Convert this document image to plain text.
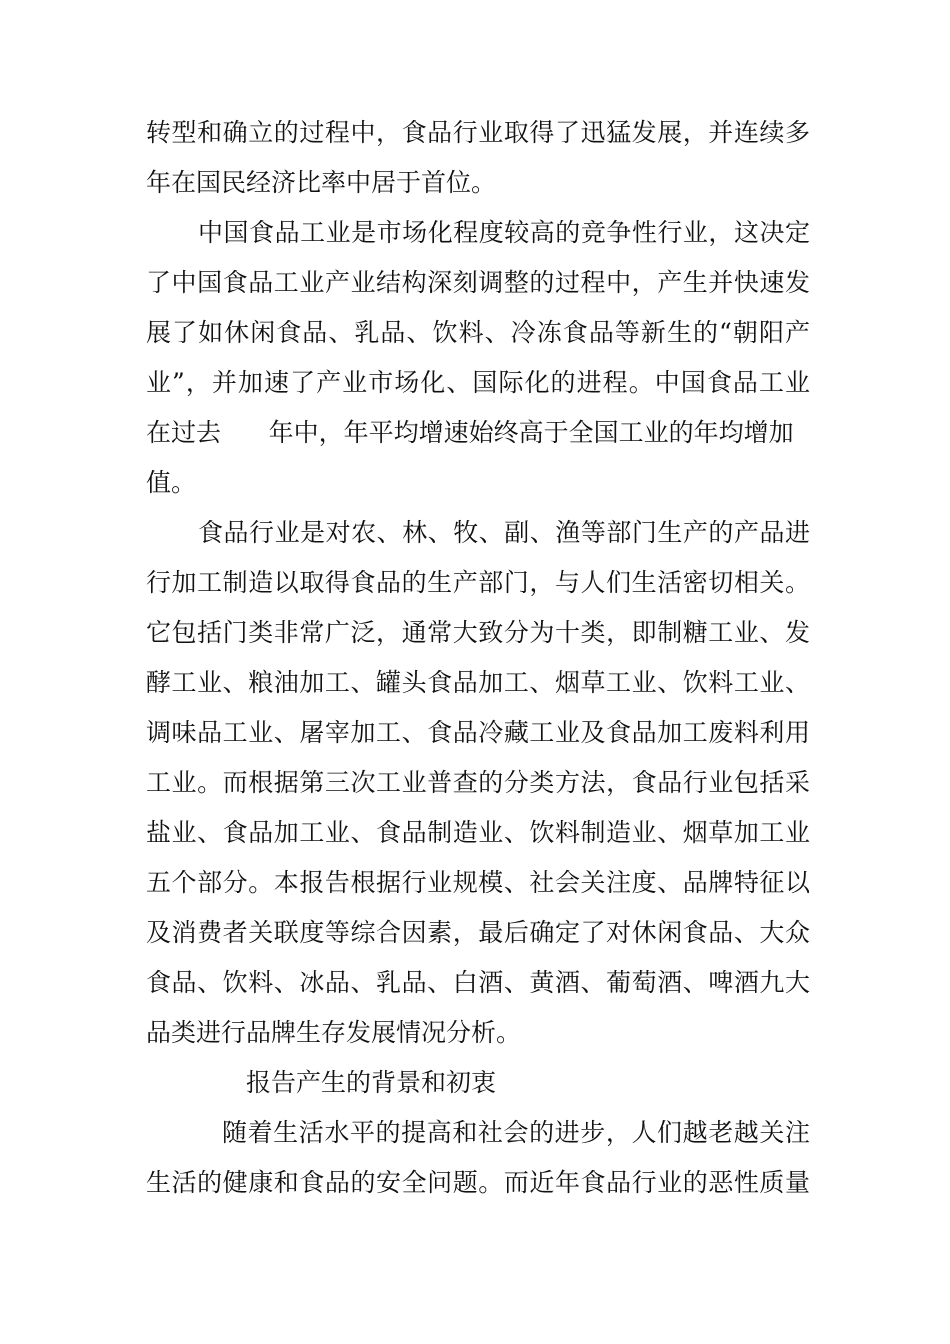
转型和确立的过程中，食品行业取得了迅猛发展，并连续多
年在国民经济比率中居于首位。
中国食品工业是市场化程度较高的竞争性行业，这决定
了中国食品工业产业结构深刻调整的过程中，产生并快速发
展了如休闲食品、乳品、饮料、冷冻食品等新生的“朝阳产
业”，并加速了产业市场化、国际化的进程。中国食品工业
在过去      年中，年平均增速始终高于全国工业的年均增加
值。
食品行业是对农、林、牧、副、渔等部门生产的产品进
行加工制造以取得食品的生产部门，与人们生活密切相关。
它包括门类非常广泛，通常大致分为十类，即制糖工业、发
酵工业、粮油加工、罐头食品加工、烟草工业、饮料工业、
调味品工业、屠宰加工、食品冷藏工业及食品加工废料利用
工业。而根据第三次工业普查的分类方法，食品行业包括采
盐业、食品加工业、食品制造业、饮料制造业、烟草加工业
五个部分。本报告根据行业规模、社会关注度、品牌特征以
及消费者关联度等综合因素，最后确定了对休闲食品、大众
食品、饮料、冰品、乳品、白酒、黄酒、葡萄酒、啤酒九大
品类进行品牌生存发展情况分析。
报告产生的背景和初衷
随着生活水平的提高和社会的进步，人们越老越关注
生活的健康和食品的安全问题。而近年食品行业的恶性质量
